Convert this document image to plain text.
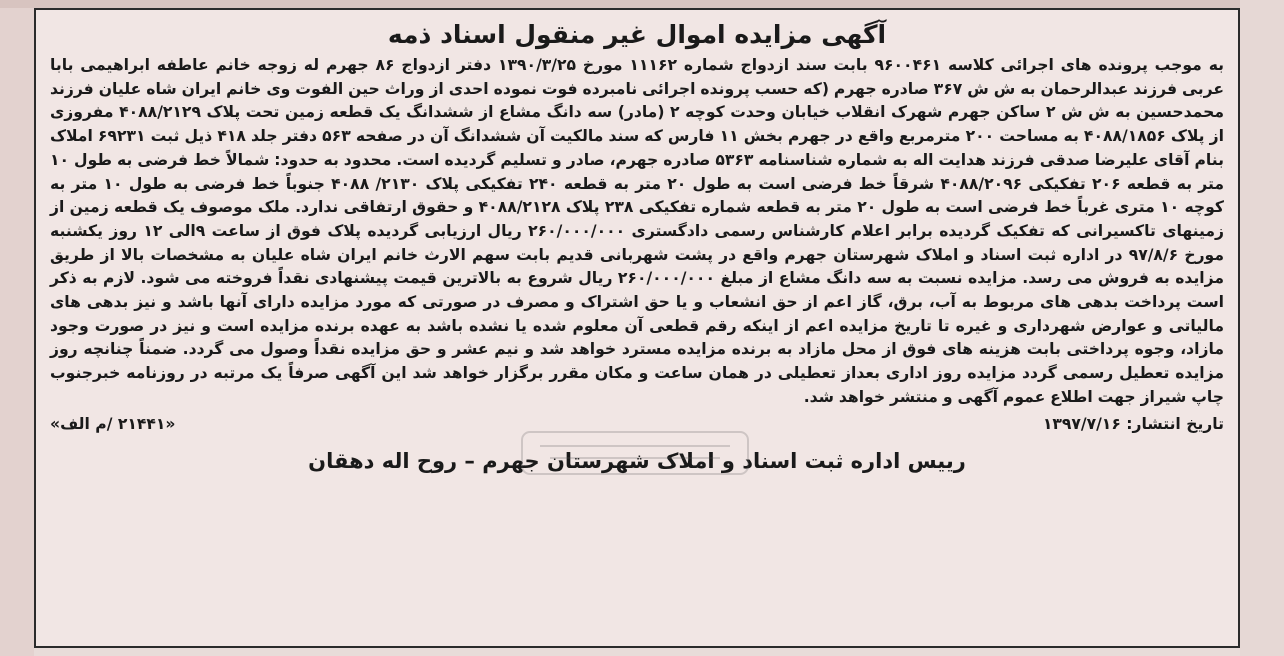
آگهی مزایده اموال غیر منقول اسناد ذمه

به موجب پرونده های اجرائی کلاسه ۹۶۰۰۴۶۱ بابت سند ازدواج شماره ۱۱۱۶۲ مورخ ۱۳۹۰/۳/۲۵ دفتر ازدواج ۸۶ جهرم له زوجه خانم عاطفه ابراهیمی بابا عربی فرزند عبدالرحمان به ش ش ۳۶۷ صادره جهرم (که حسب پرونده اجرائی نامبرده فوت نموده احدی از وراث حین الفوت وی خانم ایران شاه علیان فرزند محمدحسین به ش ش ۲ ساکن جهرم شهرک انقلاب خیابان وحدت کوچه ۲ (مادر) سه دانگ مشاع از ششدانگ یک قطعه زمین تحت پلاک ۴۰۸۸/۲۱۲۹ مفروزی از پلاک ۴۰۸۸/۱۸۵۶ به مساحت ۲۰۰ مترمربع واقع در جهرم بخش ۱۱ فارس که سند مالکیت آن ششدانگ آن در صفحه ۵۶۳ دفتر جلد ۴۱۸ ذیل ثبت ۶۹۲۳۱ املاک بنام آقای علیرضا صدقی فرزند هدایت اله به شماره شناسنامه ۵۳۶۳ صادره جهرم، صادر و تسلیم گردیده است. محدود به حدود: شمالاً خط فرضی به طول ۱۰ متر به قطعه ۲۰۶ تفکیکی ۴۰۸۸/۲۰۹۶ شرقاً خط فرضی است به طول ۲۰ متر به قطعه ۲۴۰ تفکیکی پلاک ۲۱۳۰/ ۴۰۸۸ جنوباً خط فرضی به طول ۱۰ متر به کوچه ۱۰ متری غرباً خط فرضی است به طول ۲۰ متر به قطعه شماره تفکیکی ۲۳۸ پلاک ۴۰۸۸/۲۱۲۸ و حقوق ارتفاقی ندارد. ملک موصوف یک قطعه زمین از زمینهای تاکسیرانی که تفکیک گردیده برابر اعلام کارشناس رسمی دادگستری ۲۶۰/۰۰۰/۰۰۰ ریال ارزیابی گردیده پلاک فوق از ساعت ۹الی ۱۲ روز یکشنبه مورخ ۹۷/۸/۶ در اداره ثبت اسناد و املاک شهرستان جهرم واقع در پشت شهربانی قدیم بابت سهم الارث خانم ایران شاه علیان به مشخصات بالا از طریق مزایده به فروش می رسد. مزایده نسبت به سه دانگ مشاع از مبلغ ۲۶۰/۰۰۰/۰۰۰ ریال شروع به بالاترین قیمت پیشنهادی نقداً فروخته می شود. لازم به ذکر است پرداخت بدهی های مربوط به آب، برق، گاز اعم از حق انشعاب و یا حق اشتراک و مصرف در صورتی که مورد مزایده دارای آنها باشد و نیز بدهی های مالیاتی و عوارض شهرداری و غیره تا تاریخ مزایده اعم از اینکه رقم قطعی آن معلوم شده یا نشده باشد به عهده برنده مزایده است و نیز در صورت وجود مازاد، وجوه پرداختی بابت هزینه های فوق از محل مازاد به برنده مزایده مسترد خواهد شد و نیم عشر و حق مزایده نقداً وصول می گردد. ضمناً چنانچه روز مزایده تعطیل رسمی گردد مزایده روز اداری بعداز تعطیلی در همان ساعت و مکان مقرر برگزار خواهد شد این آگهی صرفاً یک مرتبه در روزنامه خبرجنوب چاپ شیراز جهت اطلاع عموم آگهی و منتشر خواهد شد.

تاریخ انتشار: ۱۳۹۷/۷/۱۶
«۲۱۴۴۱ /م الف»
رییس اداره ثبت اسناد و املاک شهرستان جهرم – روح اله دهقان
